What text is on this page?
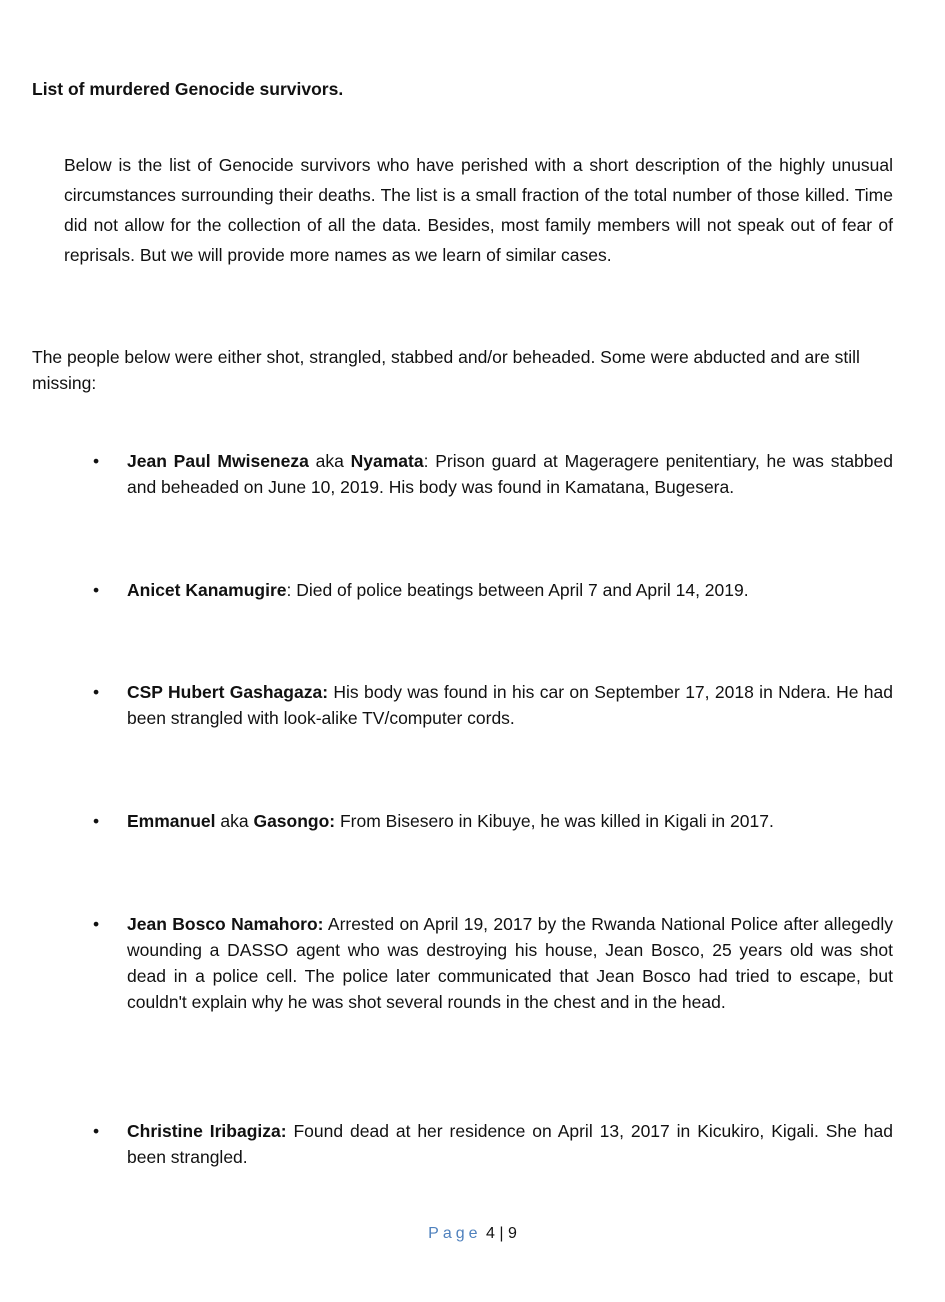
List of murdered Genocide survivors.

Below is the list of Genocide survivors who have perished with a short description of the highly unusual circumstances surrounding their deaths. The list is a small fraction of the total number of those killed. Time did not allow for the collection of all the data. Besides, most family members will not speak out of fear of reprisals. But we will provide more names as we learn of similar cases.

The people below were either shot, strangled, stabbed and/or beheaded. Some were abducted and are still missing:

• Jean Paul Mwiseneza aka Nyamata: Prison guard at Mageragere penitentiary, he was stabbed and beheaded on June 10, 2019. His body was found in Kamatana, Bugesera.

• Anicet Kanamugire: Died of police beatings between April 7 and April 14, 2019.

• CSP Hubert Gashagaza: His body was found in his car on September 17, 2018 in Ndera. He had been strangled with look-alike TV/computer cords.

• Emmanuel aka Gasongo: From Bisesero in Kibuye, he was killed in Kigali in 2017.

• Jean Bosco Namahoro: Arrested on April 19, 2017 by the Rwanda National Police after allegedly wounding a DASSO agent who was destroying his house, Jean Bosco, 25 years old was shot dead in a police cell. The police later communicated that Jean Bosco had tried to escape, but couldn't explain why he was shot several rounds in the chest and in the head.

• Christine Iribagiza: Found dead at her residence on April 13, 2017 in Kicukiro, Kigali. She had been strangled.

Page 4 | 9
